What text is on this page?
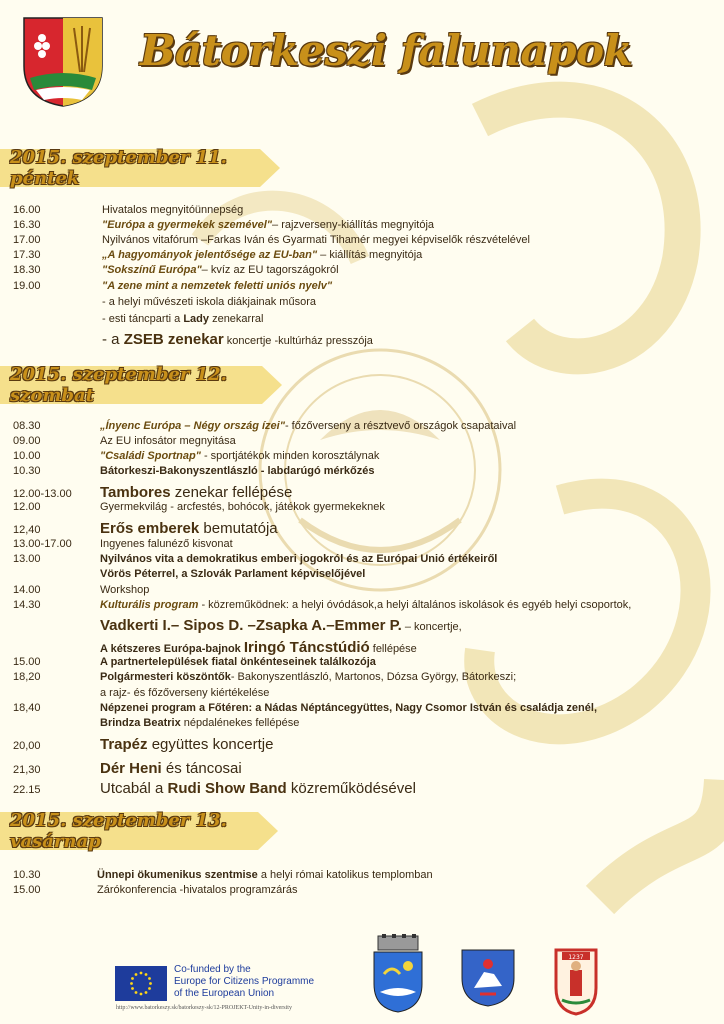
Bátorkeszi falunapok
2015. szeptember 11. péntek
16.00	Hivatalos megnyitóünnepség
16.30	"Európa a gyermekek szemével"– rajzverseny-kiállítás megnyitója
17.00	Nyilvános vitafórum –Farkas Iván és Gyarmati Tihamér megyei képviselők részvételével
17.30	„A hagyományok jelentősége az EU-ban" – kiállítás megnyitója
18.30	"Sokszínű Európa"– kvíz az EU tagországokról
19.00	"A zene mint a nemzetek feletti uniós nyelv"
- a helyi művészeti iskola diákjainak műsora
- esti táncparti a Lady zenekarral
- a ZSEB zenekar koncertje -kultúrház presszója
2015. szeptember 12. szombat
08.30	„Ínyenc Európa – Négy ország ízei"- főzőverseny a résztvevő országok csapataival
09.00	Az EU infosátor megnyitása
10.00	"Családi Sportnap" - sportjátékok minden korosztálynak
10.30	Bátorkeszi-Bakonyszentlászló - labdarúgó mérkőzés
12.00-13.00 Tambores zenekar fellépése
12.00	Gyermekvilág - arcfestés, bohócok, játékok gyermekeknek
12,40	Erős emberek bemutatója
13.00-17.00	Ingyenes falunéző kisvonat
13.00	Nyilvános vita a demokratikus emberi jogokról és az Európai Unió értékeiről
Vörös Péterrel, a Szlovák Parlament képviselőjével
14.00	Workshop
14.30	Kulturális program - közreműködnek: a helyi óvódások,a helyi általános iskolások és egyéb helyi csoportok,
Vadkerti I.– Sipos D. –Zsapka A.–Emmer P. – koncertje,
A kétszeres Európa-bajnok Iringó Táncstúdió fellépése
15.00	A partnertelepülések fiatal önkénteseinek találkozója
18,20	Polgármesteri köszöntők- Bakonyszentlászló, Martonos, Dózsa György, Bátorkeszi;
a rajz- és főzőverseny kiértékelése
18,40	Népzenei program a Főtéren: a Nádas Néptáncegyüttes, Nagy Csomor István és családja zenél,
Brindza Beatrix népdalénekes fellépése
20,00	Trapéz együttes koncertje
21,30	Dér Heni és táncosai
22.15	Utcabál a Rudi Show Band közreműködésével
2015. szeptember 13. vasárnap
10.30	Ünnepi ökumenikus szentmise a helyi római katolikus templomban
15.00	Zárókonferencia -hivatalos programzárás
Co-funded by the
Europe for Citizens Programme
of the European Union
http://www.batorkeszy.sk/batorkeszy-sk/12-PROJEKT-Unity-in-diversity
1237
